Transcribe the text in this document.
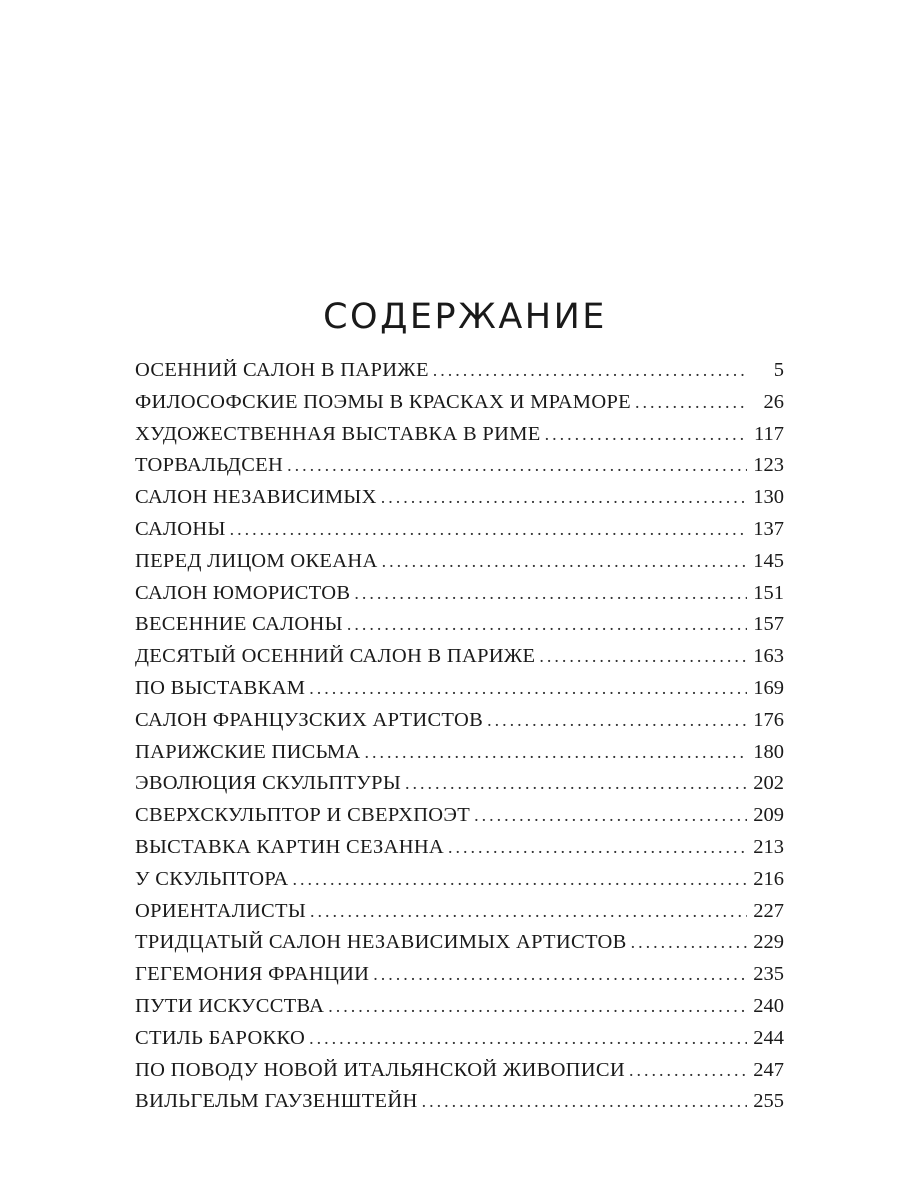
СОДЕРЖАНИЕ
ОСЕННИЙ САЛОН В ПАРИЖЕ . . .	5
ФИЛОСОФСКИЕ ПОЭМЫ В КРАСКАХ И МРАМОРЕ . . .	26
ХУДОЖЕСТВЕННАЯ ВЫСТАВКА В РИМЕ . . .	117
ТОРВАЛЬДСЕН . . .	123
САЛОН НЕЗАВИСИМЫХ . . .	130
САЛОНЫ . . .	137
ПЕРЕД ЛИЦОМ ОКЕАНА . . .	145
САЛОН ЮМОРИСТОВ . . .	151
ВЕСЕННИЕ САЛОНЫ . . .	157
ДЕСЯТЫЙ ОСЕННИЙ САЛОН В ПАРИЖЕ . . .	163
ПО ВЫСТАВКАМ . . .	169
САЛОН ФРАНЦУЗСКИХ АРТИСТОВ . . .	176
ПАРИЖСКИЕ ПИСЬМА . . .	180
ЭВОЛЮЦИЯ СКУЛЬПТУРЫ . . .	202
СВЕРХСКУЛЬПТОР И СВЕРХПОЭТ . . .	209
ВЫСТАВКА КАРТИН СЕЗАННА . . .	213
У СКУЛЬПТОРА . . .	216
ОРИЕНТАЛИСТЫ . . .	227
ТРИДЦАТЫЙ САЛОН НЕЗАВИСИМЫХ АРТИСТОВ . . .	229
ГЕГЕМОНИЯ ФРАНЦИИ . . .	235
ПУТИ ИСКУССТВА . . .	240
СТИЛЬ БАРОККО . . .	244
ПО ПОВОДУ НОВОЙ ИТАЛЬЯНСКОЙ ЖИВОПИСИ . . .	247
ВИЛЬГЕЛЬМ ГАУЗЕНШТЕЙН . . .	255
